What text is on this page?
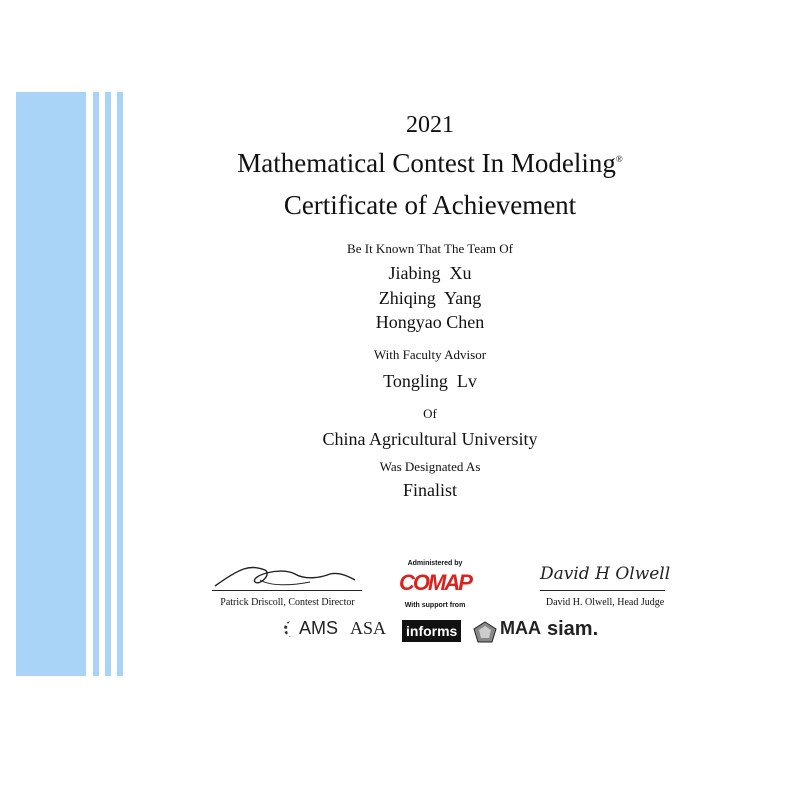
2021
Mathematical Contest In Modeling®
Certificate of Achievement
Be It Known That The Team Of
Jiabing  Xu
Zhiqing  Yang
Hongyao Chen
With Faculty Advisor
Tongling  Lv
Of
China Agricultural University
Was Designated As
Finalist
Patrick Driscoll, Contest Director
Administered by
COMAP
With support from
David H Olwell
David H. Olwell, Head Judge
AMS ASA informs MAA siam.
